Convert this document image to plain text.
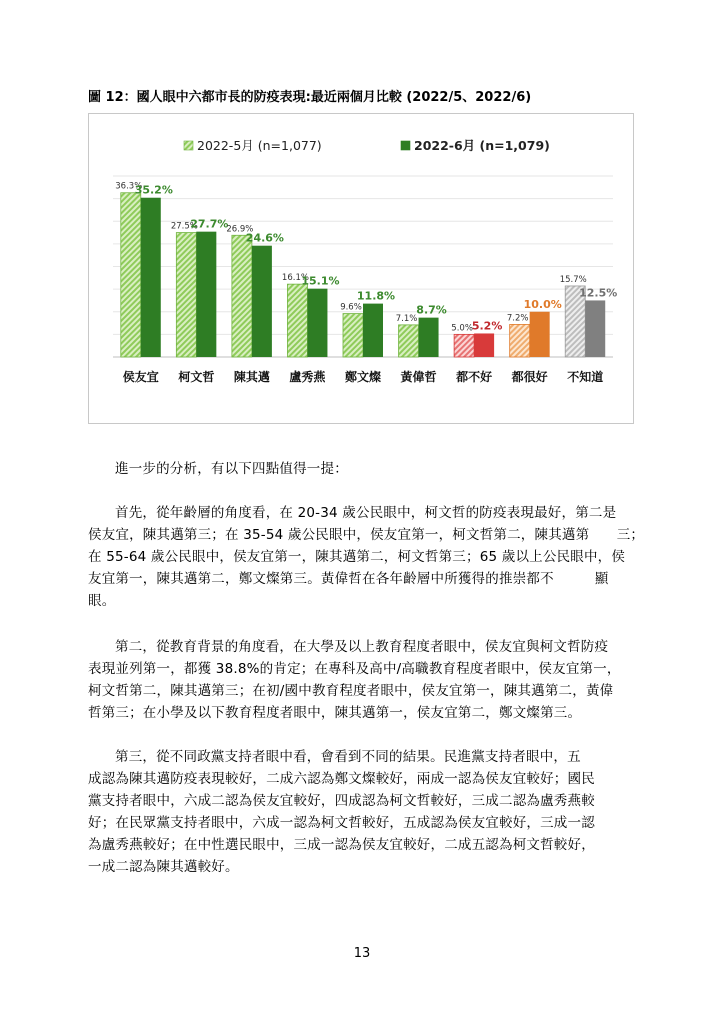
圖 12：國人眼中六都市長的防疫表現:最近兩個月比較 (2022/5、2022/6)
2022-5月 (n=1,077)	2022-6月 (n=1,079)
36.3%
35.2%
27.5%
27.7%
26.9%
24.6%
16.1%
15.1%
9.6%
11.8%
7.1%
8.7%
5.0%
5.2%
7.2%
10.0%
15.7%
12.5%
侯友宜 柯文哲 陳其邁 盧秀燕 鄭文燦 黃偉哲 都不好 都很好 不知道
進一步的分析，有以下四點值得一提：
首先，從年齡層的角度看，在 20-34 歲公民眼中，柯文哲的防疫表現最好，第二是
侯友宜，陳其邁第三；在 35-54 歲公民眼中，侯友宜第一，柯文哲第二，陳其邁第　　三；
在 55-64 歲公民眼中，侯友宜第一，陳其邁第二，柯文哲第三；65 歲以上公民眼中，侯
友宜第一，陳其邁第二，鄭文燦第三。黃偉哲在各年齡層中所獲得的推崇都不　　　顯
眼。
第二，從教育背景的角度看，在大學及以上教育程度者眼中，侯友宜與柯文哲防疫
表現並列第一，都獲 38.8%的肯定；在專科及高中/高職教育程度者眼中，侯友宜第一，
柯文哲第二，陳其邁第三；在初/國中教育程度者眼中，侯友宜第一，陳其邁第二，黃偉
哲第三；在小學及以下教育程度者眼中，陳其邁第一，侯友宜第二，鄭文燦第三。
第三，從不同政黨支持者眼中看，會看到不同的結果。民進黨支持者眼中，五
成認為陳其邁防疫表現較好，二成六認為鄭文燦較好，兩成一認為侯友宜較好；國民
黨支持者眼中，六成二認為侯友宜較好，四成認為柯文哲較好，三成二認為盧秀燕較
好；在民眾黨支持者眼中，六成一認為柯文哲較好，五成認為侯友宜較好，三成一認
為盧秀燕較好；在中性選民眼中，三成一認為侯友宜較好，二成五認為柯文哲較好，
一成二認為陳其邁較好。
13
